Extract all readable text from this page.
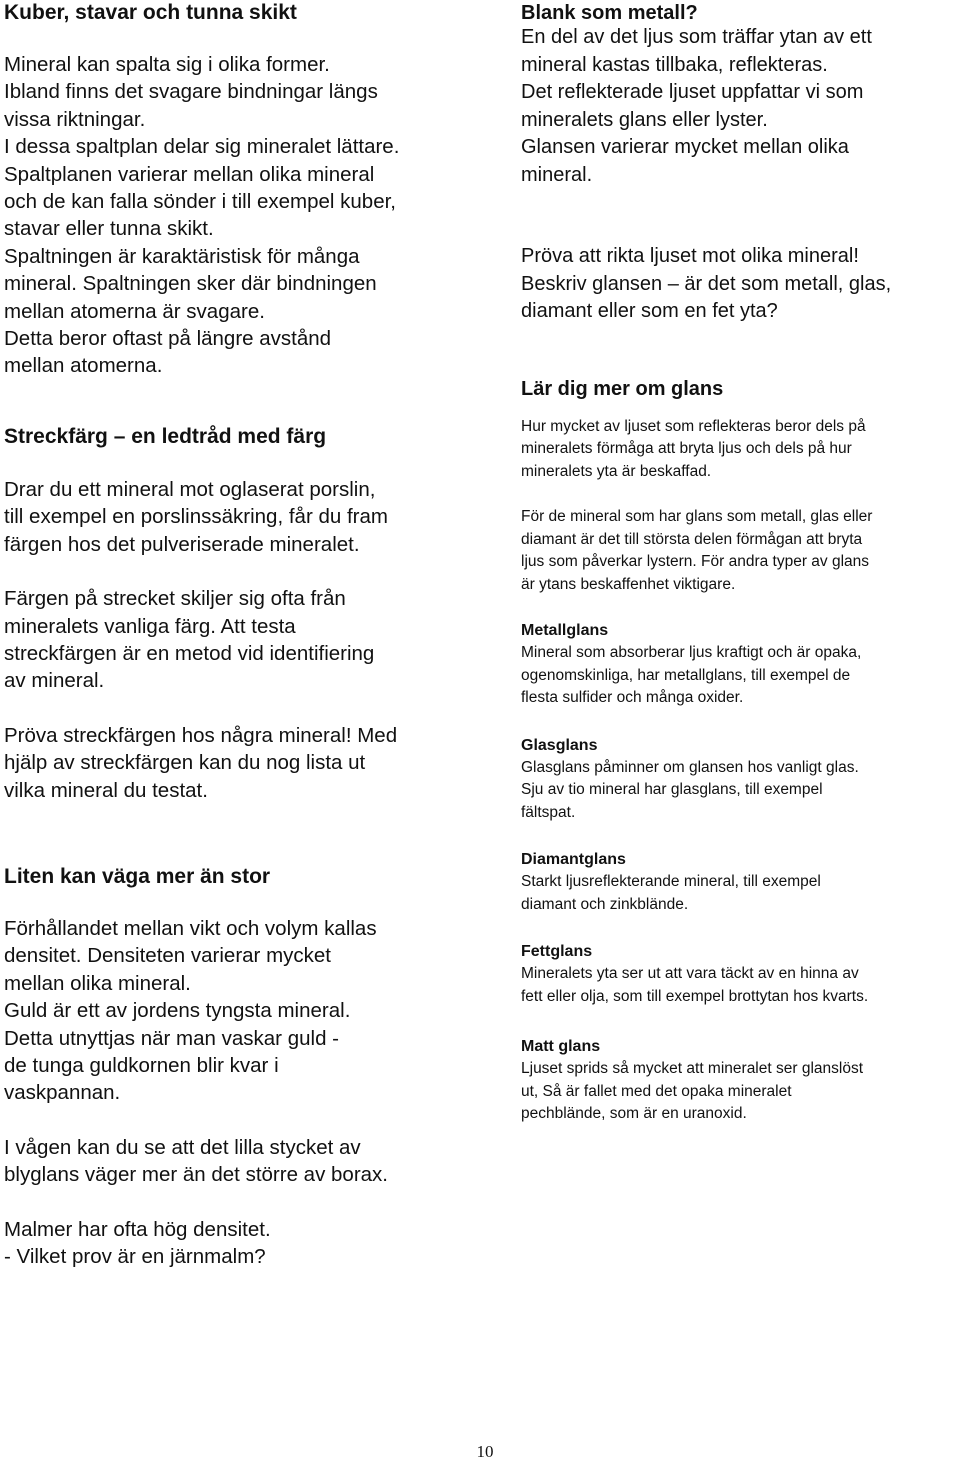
Kuber, stavar och tunna skikt

Mineral kan spalta sig i olika former.
Ibland finns det svagare bindningar längs
vissa riktningar.
I dessa spaltplan delar sig mineralet lättare.
Spaltplanen varierar mellan olika mineral
och de kan falla sönder i till exempel kuber,
stavar eller tunna skikt.
Spaltningen är karaktäristisk för många
mineral. Spaltningen sker där bindningen
mellan atomerna är svagare.
Detta beror oftast på längre avstånd
mellan atomerna.

Streckfärg – en ledtråd med färg

Drar du ett mineral mot oglaserat porslin,
till exempel en porslinssäkring, får du fram
färgen hos det pulveriserade mineralet.

Färgen på strecket skiljer sig ofta från
mineralets vanliga färg. Att testa
streckfärgen är en metod vid identifiering
av mineral.

Pröva streckfärgen hos några mineral! Med
hjälp av streckfärgen kan du nog lista ut
vilka mineral du testat.

Liten kan väga mer än stor

Förhållandet mellan vikt och volym kallas
densitet. Densiteten varierar mycket
mellan olika mineral.
Guld är ett av jordens tyngsta mineral.
Detta utnyttjas när man vaskar guld -
de tunga guldkornen blir kvar i
vaskpannan.

I vågen kan du se att det lilla stycket av
blyglans väger mer än det större av borax.

Malmer har ofta hög densitet.
- Vilket prov är en järnmalm?

Blank som metall?

En del av det ljus som träffar ytan av ett
mineral kastas tillbaka, reflekteras.
Det reflekterade ljuset uppfattar vi som
mineralets glans eller lyster.
Glansen varierar mycket mellan olika
mineral.

Pröva att rikta ljuset mot olika mineral!
Beskriv glansen – är det som metall, glas,
diamant eller som en fet yta?

Lär dig mer om glans

Hur mycket av ljuset som reflekteras beror dels på
mineralets förmåga att bryta ljus och dels på hur
mineralets yta är beskaffad.

För de mineral som har glans som metall, glas eller
diamant är det till största delen förmågan att bryta
ljus som påverkar lystern. För andra typer av glans
är ytans beskaffenhet viktigare.

Metallglans

Mineral som absorberar ljus kraftigt och är opaka,
ogenomskinliga, har metallglans, till exempel de
flesta sulfider och många oxider.

Glasglans

Glasglans påminner om glansen hos vanligt glas.
Sju av tio mineral har glasglans, till exempel
fältspat.

Diamantglans

Starkt ljusreflekterande mineral, till exempel
diamant och zinkblände.

Fettglans

Mineralets yta ser ut att vara täckt av en hinna av
fett eller olja, som till exempel brottytan hos kvarts.

Matt glans

Ljuset sprids så mycket att mineralet ser glanslöst
ut, Så är fallet med det opaka mineralet
pechblände, som är en uranoxid.

10
